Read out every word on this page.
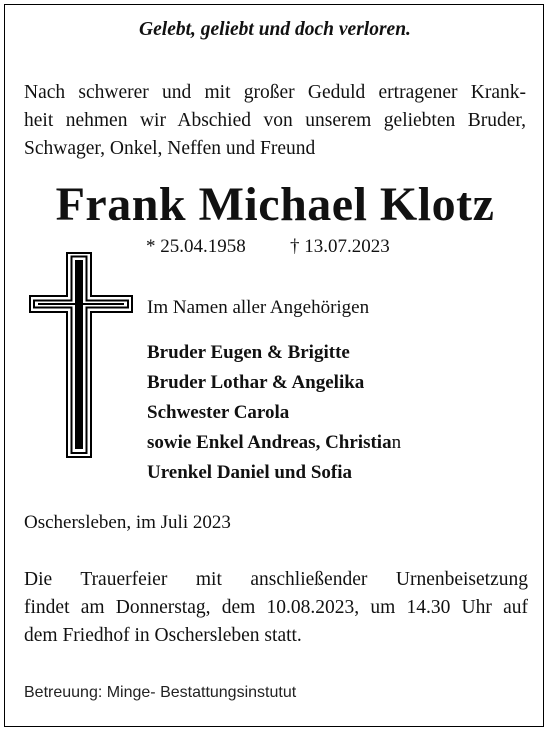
Gelebt, geliebt und doch verloren.
Nach schwerer und mit großer Geduld ertragener Krank-
heit nehmen wir Abschied von unserem geliebten Bruder,
Schwager, Onkel, Neffen und Freund
Frank Michael Klotz
* 25.04.1958 † 13.07.2023
Im Namen aller Angehörigen
Bruder Eugen & Brigitte
Bruder Lothar & Angelika
Schwester Carola
sowie Enkel Andreas, Christian
Urenkel Daniel und Sofia
Oschersleben, im Juli 2023
Die Trauerfeier mit anschließender Urnenbeisetzung
findet am Donnerstag, dem 10.08.2023, um 14.30 Uhr auf
dem Friedhof in Oschersleben statt.
Betreuung: Minge- Bestattungsinstutut
